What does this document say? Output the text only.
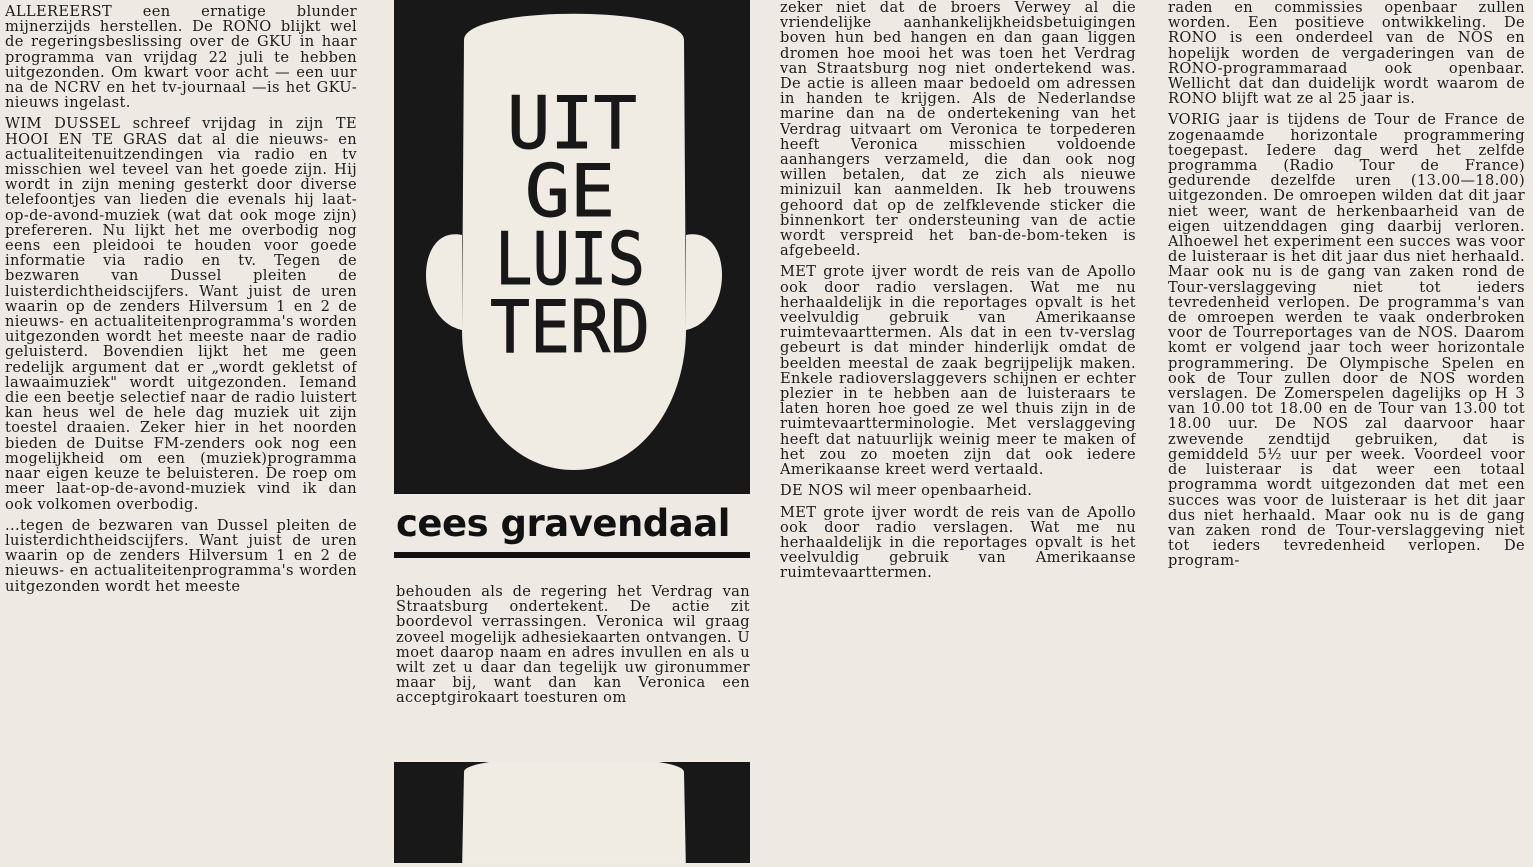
ALLEREERST een ernatige blunder mijnerzijds herstellen. De RONO blijkt wel de regeringsbeslissing over de GKU in haar programma van vrijdag 22 juli te hebben uitgezonden. Om kwart voor acht — een uur na de NCRV en het tv-journaal —is het GKU-nieuws ingelast.

WIM DUSSEL schreef vrijdag in zijn TE HOOI EN TE GRAS dat al die nieuws- en actualiteitenuitzendingen via radio en tv misschien wel teveel van het goede zijn. Hij wordt in zijn mening gesterkt door diverse telefoontjes van lieden die evenals hij laat-op-de-avond-muziek (wat dat ook moge zijn) prefereren. Nu lijkt het me overbodig nog eens een pleidooi te houden voor goede informatie via radio en tv. Tegen de bezwaren van Dussel pleiten de luisterdichtheidscijfers. Want juist de uren waarin op de zenders Hilversum 1 en 2 de nieuws- en actualiteitenprogramma's worden uitgezonden wordt het meeste naar de radio geluisterd. Bovendien lijkt het me geen redelijk argument dat er „wordt gekletst of lawaaimuziek" wordt uitgezonden. Iemand die een beetje selectief naar de radio luistert kan heus wel de hele dag muziek uit zijn toestel draaien. Zeker hier in het noorden bieden de Duitse FM-zenders ook nog een mogelijkheid om een (muziek)programma naar eigen keuze te beluisteren. De roep om meer laat-op-de-avond-muziek vind ik dan ook volkomen overbodig.

...tegen de bezwaren van Dussel pleiten de luisterdichtheidscijfers. Want juist de uren waarin op de zenders Hilversum 1 en 2 de nieuws- en actualiteitenprogramma's worden uitgezonden wordt het meeste

UIT
GE
LUIS
TERD
cees gravendaal

behouden als de regering het Verdrag van Straatsburg ondertekent. De actie zit boordevol verrassingen. Veronica wil graag zoveel mogelijk adhesiekaarten ontvangen. U moet daarop naam en adres invullen en als u wilt zet u daar dan tegelijk uw gironummer maar bij, want dan kan Veronica een acceptgirokaart toesturen om

zeker niet dat de broers Verwey al die vriendelijke aanhankelijkheidsbetuigingen boven hun bed hangen en dan gaan liggen dromen hoe mooi het was toen het Verdrag van Straatsburg nog niet ondertekend was. De actie is alleen maar bedoeld om adressen in handen te krijgen. Als de Nederlandse marine dan na de ondertekening van het Verdrag uitvaart om Veronica te torpederen heeft Veronica misschien voldoende aanhangers verzameld, die dan ook nog willen betalen, dat ze zich als nieuwe minizuil kan aanmelden. Ik heb trouwens gehoord dat op de zelfklevende sticker die binnenkort ter ondersteuning van de actie wordt verspreid het ban-de-bom-teken is afgebeeld.

MET grote ijver wordt de reis van de Apollo ook door radio verslagen. Wat me nu herhaaldelijk in die reportages opvalt is het veelvuldig gebruik van Amerikaanse ruimtevaarttermen. Als dat in een tv-verslag gebeurt is dat minder hinderlijk omdat de beelden meestal de zaak begrijpelijk maken. Enkele radioverslaggevers schijnen er echter plezier in te hebben aan de luisteraars te laten horen hoe goed ze wel thuis zijn in de ruimtevaartterminologie. Met verslaggeving heeft dat natuurlijk weinig meer te maken of het zou zo moeten zijn dat ook iedere Amerikaanse kreet werd vertaald.

DE NOS wil meer openbaarheid.

MET grote ijver wordt de reis van de Apollo ook door radio verslagen. Wat me nu herhaaldelijk in die reportages opvalt is het veelvuldig gebruik van Amerikaanse ruimtevaarttermen.

raden en commissies openbaar zullen worden. Een positieve ontwikkeling. De RONO is een onderdeel van de NOS en hopelijk worden de vergaderingen van de RONO-programmaraad ook openbaar. Wellicht dat dan duidelijk wordt waarom de RONO blijft wat ze al 25 jaar is.

VORIG jaar is tijdens de Tour de France de zogenaamde horizontale programmering toegepast. Iedere dag werd het zelfde programma (Radio Tour de France) gedurende dezelfde uren (13.00—18.00) uitgezonden. De omroepen wilden dat dit jaar niet weer, want de herkenbaarheid van de eigen uitzenddagen ging daarbij verloren. Alhoewel het experiment een succes was voor de luisteraar is het dit jaar dus niet herhaald. Maar ook nu is de gang van zaken rond de Tour-verslaggeving niet tot ieders tevredenheid verlopen. De programma's van de omroepen werden te vaak onderbroken voor de Tourreportages van de NOS. Daarom komt er volgend jaar toch weer horizontale programmering. De Olympische Spelen en ook de Tour zullen door de NOS worden verslagen. De Zomerspelen dagelijks op H 3 van 10.00 tot 18.00 en de Tour van 13.00 tot 18.00 uur. De NOS zal daarvoor haar zwevende zendtijd gebruiken, dat is gemiddeld 5½ uur per week. Voordeel voor de luisteraar is dat weer een totaal programma wordt uitgezonden dat met een succes was voor de luisteraar is het dit jaar dus niet herhaald. Maar ook nu is de gang van zaken rond de Tour-verslaggeving niet tot ieders tevredenheid verlopen. De program-
